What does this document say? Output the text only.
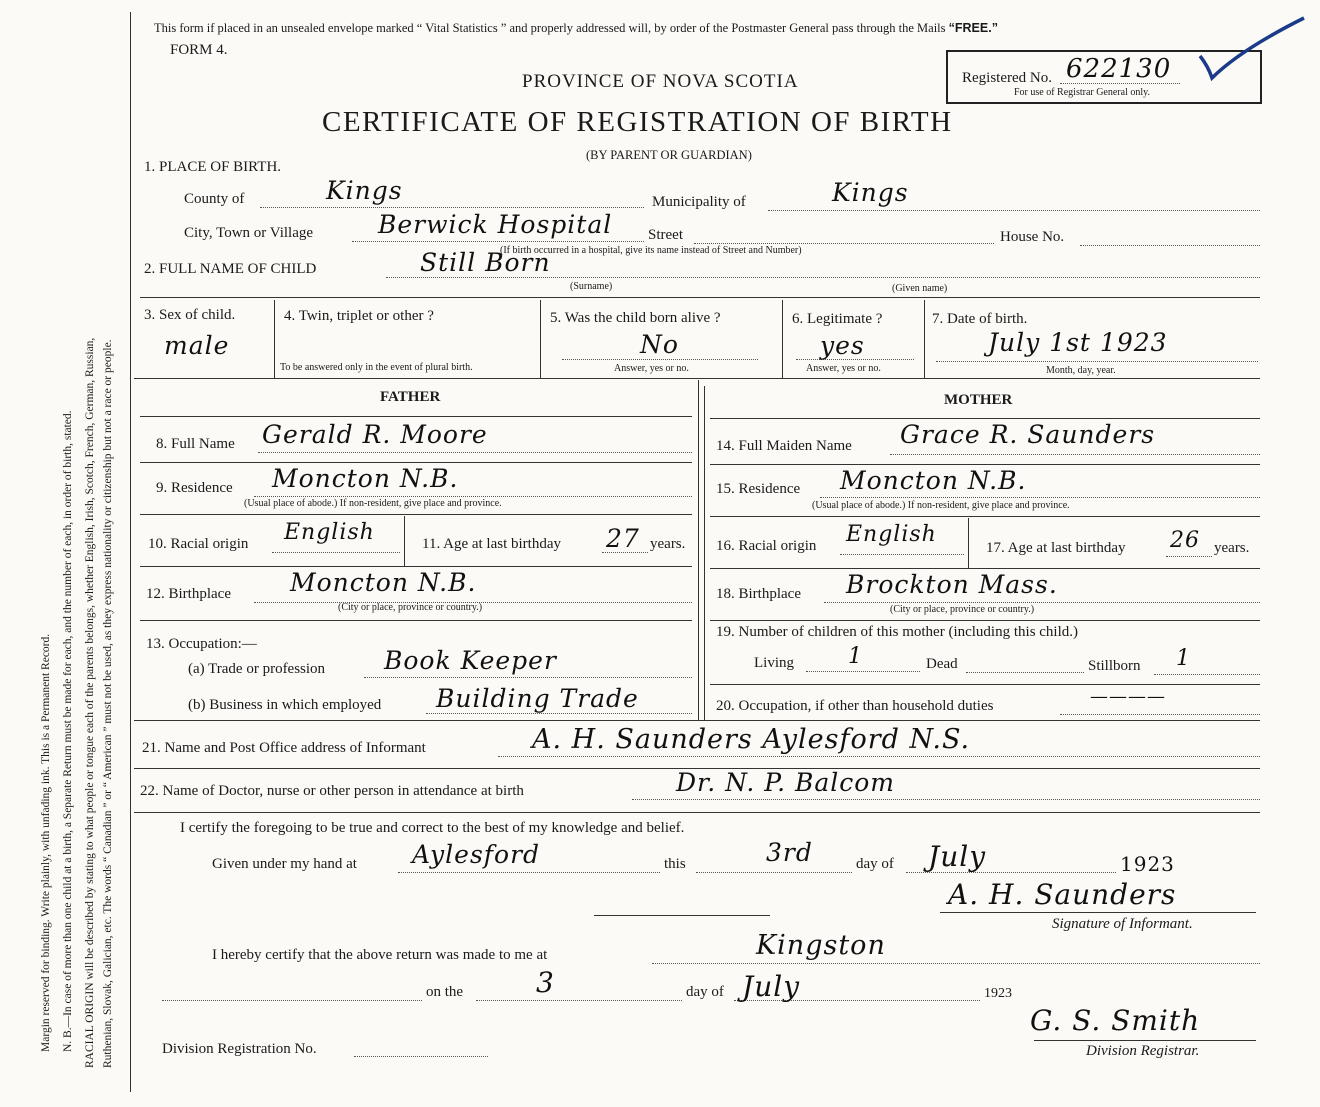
Margin reserved for binding. Write plainly, with unfading ink. This is a Permanent Record. N. B.—In case of more than one child at a birth, a Separate Return must be made for each, and the number of each, in order of birth, stated. RACIAL ORIGIN will be described by stating to what people or tongue each of the parents belongs, whether English, Irish, Scotch, French, German, Russian, Ruthenian, Slovak, Galician, etc. The words “ Canadian ” or “ American ” must not be used, as they express nationality or citizenship but not a race or people.
This form if placed in an unsealed envelope marked “ Vital Statistics ” and properly addressed will, by order of the Postmaster General pass through the Mails “FREE.”
FORM 4.
PROVINCE OF NOVA SCOTIA
CERTIFICATE OF REGISTRATION OF BIRTH
(BY PARENT OR GUARDIAN)
Registered No. 622130
For use of Registrar General only.
1. PLACE OF BIRTH.
County of	Kings	Municipality of	Kings
City, Town or Village	Berwick Hospital Street
(If birth occurred in a hospital, give its name instead of Street and Number)
House No.
2. FULL NAME OF CHILD	Still Born
(Surname)	(Given name)
3. Sex of child.
male
4. Twin, triplet or other ?
To be answered only in the event of plural birth.
5. Was the child born alive ?
No
Answer, yes or no.
6. Legitimate ?
yes
Answer, yes or no.
7. Date of birth.
July 1st 1923
Month, day, year.
FATHER	MOTHER
8. Full Name Gerald R. Moore
9. Residence Moncton N.B.
(Usual place of abode.) If non-resident, give place and province.
10. Racial origin English	11. Age at last birthday 27 years.
12. Birthplace Moncton N.B.
(City or place, province or country.)
13. Occupation:—
(a) Trade or profession Book Keeper
(b) Business in which employed Building Trade
14. Full Maiden Name Grace R. Saunders
15. Residence Moncton N.B.
(Usual place of abode.) If non-resident, give place and province.
16. Racial origin English
17. Age at last birthday 26 years.
18. Birthplace Brockton Mass.
(City or place, province or country.)
19. Number of children of this mother (including this child.)
Living 1	Dead	Stillborn 1
20. Occupation, if other than household duties	————
21. Name and Post Office address of Informant	A. H. Saunders Aylesford N.S.
22. Name of Doctor, nurse or other person in attendance at birth	Dr. N. P. Balcom
I certify the foregoing to be true and correct to the best of my knowledge and belief.
Given under my hand at Aylesford	this	3rd	day of July	1923
A. H. Saunders
Signature of Informant.
I hereby certify that the above return was made to me at	Kingston
on the	3	day of July	1923
G. S. Smith
Division Registrar.
Division Registration No.
